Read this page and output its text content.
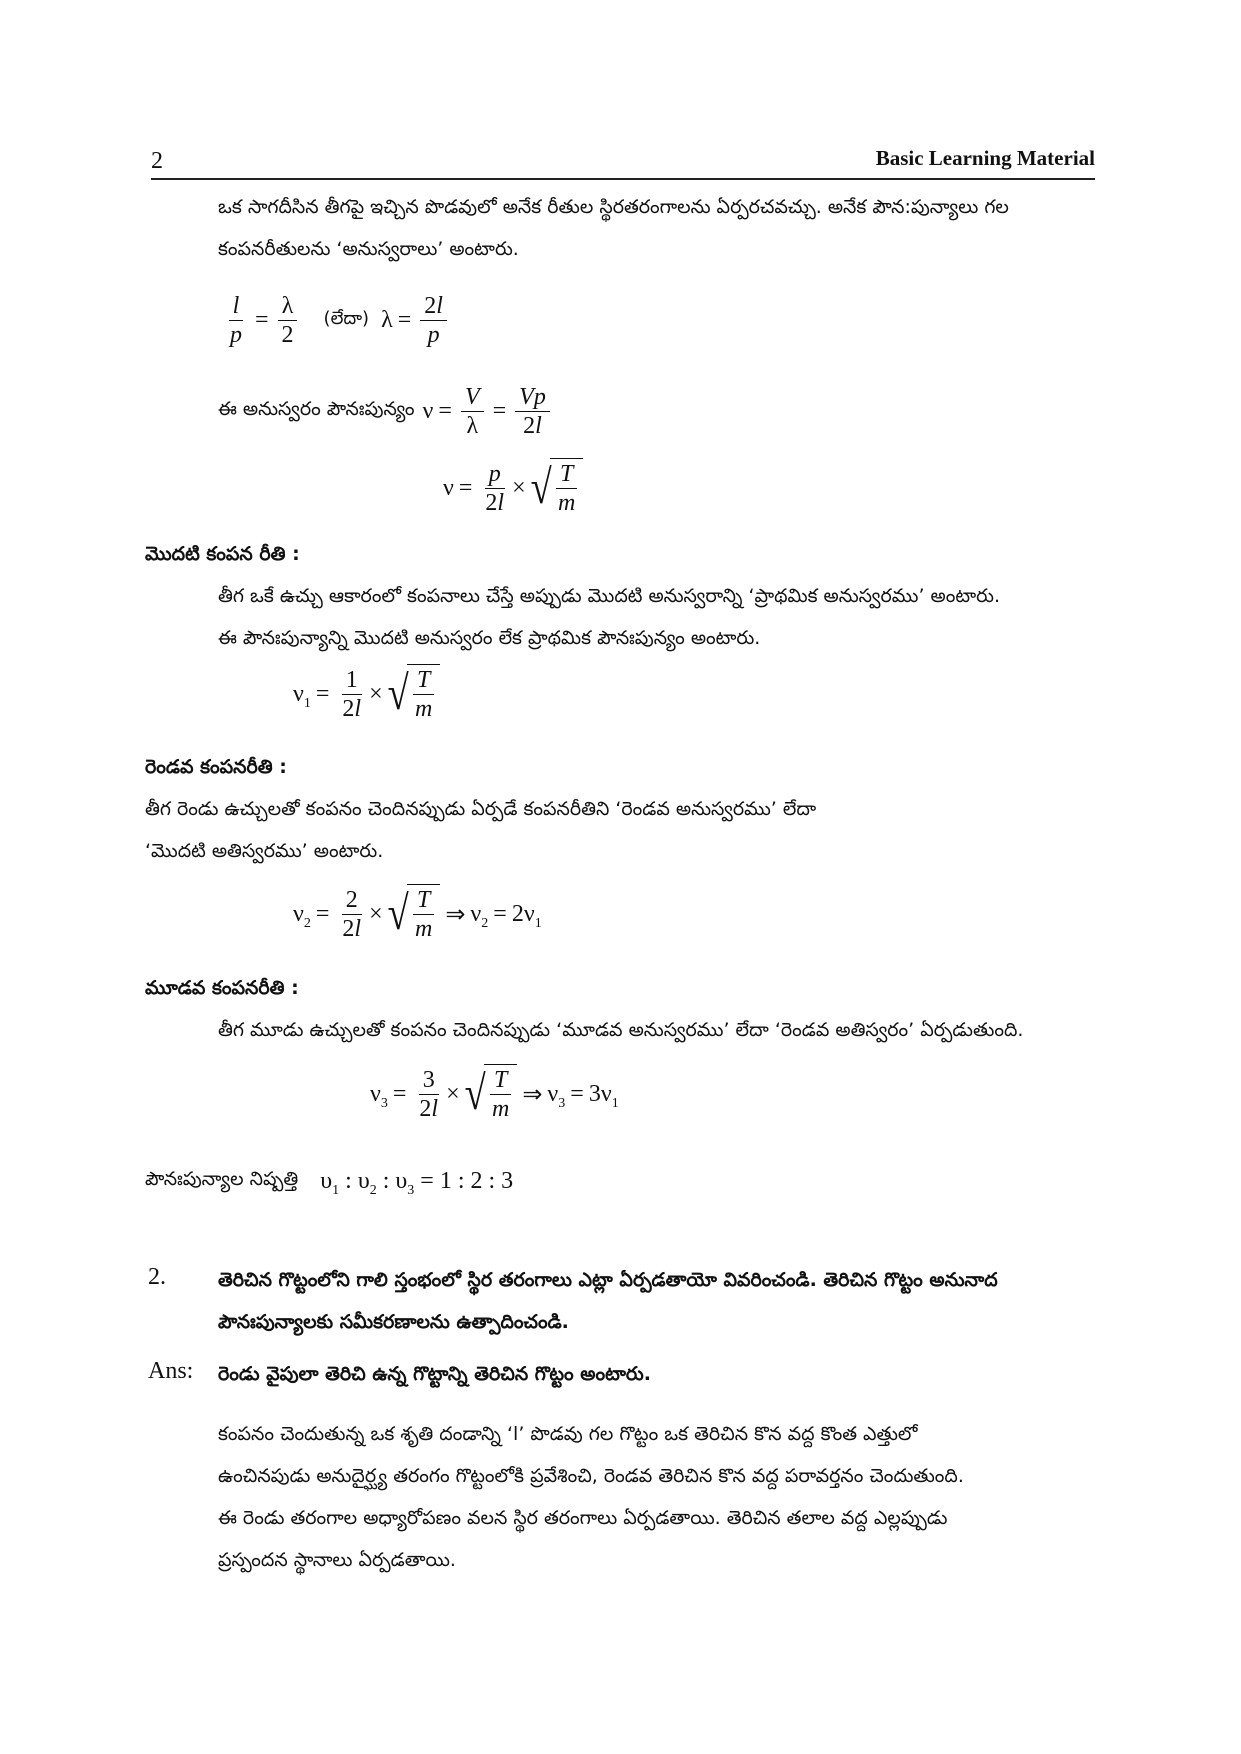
2	Basic Learning Material
ఒక సాగదీసిన తీగపై ఇచ్చిన పొడవులో అనేక రీతుల స్థిరతరంగాలను ఏర్పరచవచ్చు. అనేక పౌన:పున్యాలు గల
కంపనరీతులను ‘అనుస్వరాలు’ అంటారు.
$\frac{l}{p} = \frac{\lambda}{2}$ (లేదా) $\lambda = \frac{2l}{p}$
ఈ అనుస్వరం పౌనఃపున్యం $\nu = \frac{V}{\lambda} = \frac{Vp}{2l}$
$\nu = \frac{p}{2l}$ × √ $\frac{T}{m}$
మొదటి కంపన రీతి :
తీగ ఒకే ఉచ్చు ఆకారంలో కంపనాలు చేస్తే అప్పుడు మొదటి అనుస్వరాన్ని ‘ప్రాథమిక అనుస్వరము’ అంటారు.
ఈ పౌనఃపున్యాన్ని మొదటి అనుస్వరం లేక ప్రాథమిక పౌనఃపున్యం అంటారు.
$\nu_1 = \frac{1}{2l}$ × √ $\frac{T}{m}$
రెండవ కంపనరీతి :
తీగ రెండు ఉచ్చులతో కంపనం చెందినప్పుడు ఏర్పడే కంపనరీతిని ‘రెండవ అనుస్వరము’ లేదా
‘మొదటి అతిస్వరము’ అంటారు.
$\nu_2 = \frac{2}{2l}$ × √ $\frac{T}{m}$ ⇒ $\nu_2 = 2\nu_1$
మూడవ కంపనరీతి :
తీగ మూడు ఉచ్చులతో కంపనం చెందినప్పుడు ‘మూడవ అనుస్వరము’ లేదా ‘రెండవ అతిస్వరం’ ఏర్పడుతుంది.
$\nu_3 = \frac{3}{2l}$ × √ $\frac{T}{m}$ ⇒ $\nu_3 = 3\nu_1$
పౌనఃపున్యాల నిష్పత్తి $\upsilon_1$ : $\upsilon_2$ : $\upsilon_3 = 1$ : 2 : 3
2.	తెరిచిన గొట్టంలోని గాలి స్తంభంలో స్థిర తరంగాలు ఎట్లా ఏర్పడతాయో వివరించండి. తెరిచిన గొట్టం అనునాద
పౌనఃపున్యాలకు సమీకరణాలను ఉత్పాదించండి.
Ans: రెండు వైపులా తెరిచి ఉన్న గొట్టాన్ని తెరిచిన గొట్టం అంటారు.
కంపనం చెందుతున్న ఒక శృతి దండాన్ని ‘l’ పొడవు గల గొట్టం ఒక తెరిచిన కొన వద్ద కొంత ఎత్తులో
ఉంచినపుడు అనుదైర్ఘ్య తరంగం గొట్టంలోకి ప్రవేశించి, రెండవ తెరిచిన కొన వద్ద పరావర్తనం చెందుతుంది.
ఈ రెండు తరంగాల అధ్యారోపణం వలన స్థిర తరంగాలు ఏర్పడతాయి. తెరిచిన తలాల వద్ద ఎల్లప్పుడు
ప్రస్పందన స్థానాలు ఏర్పడతాయి.
